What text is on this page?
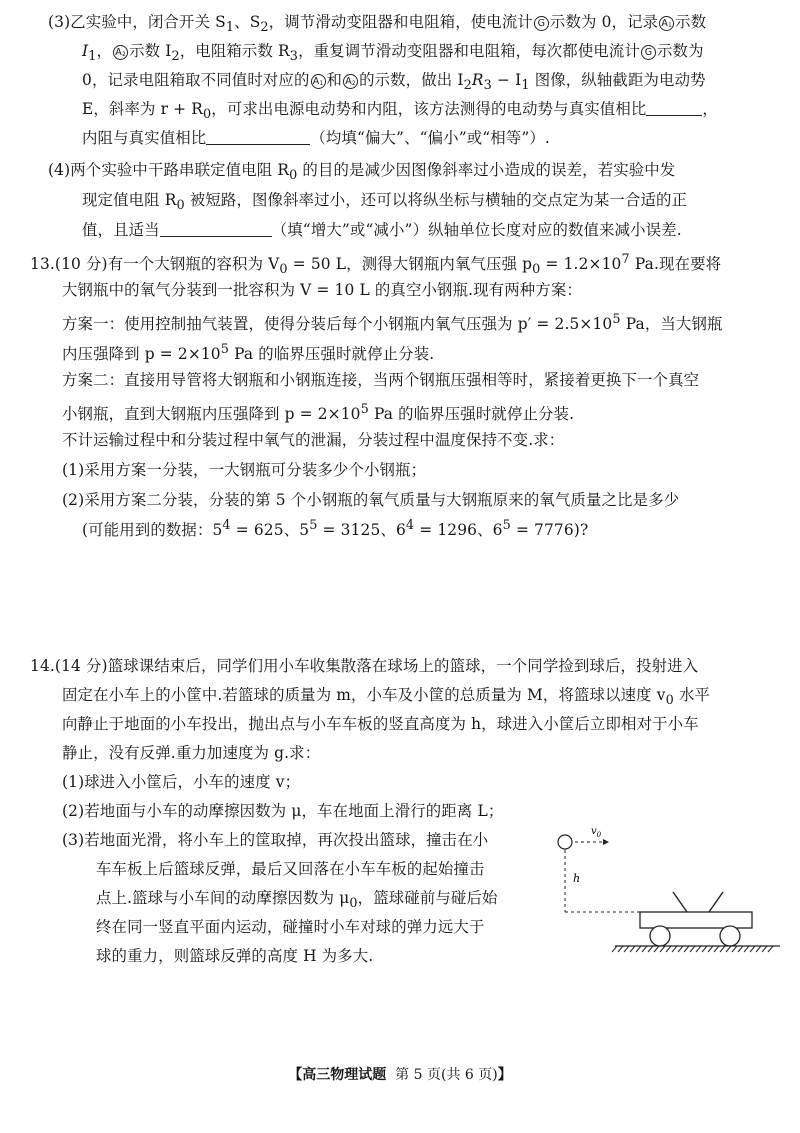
(3)乙实验中，闭合开关 $S_1$、$S_2$，调节滑动变阻器和电阻箱，使电流计 G 示数为 0，记录 $A_1$ 示数
$I_1$， $A_2$ 示数 $I_2$，电阻箱示数 $R_3$，重复调节滑动变阻器和电阻箱，每次都使电流计 G 示数为
0，记录电阻箱取不同值时对应的 $A_1$ 和 $A_2$ 的示数，做出 $I_2R_3 - I_1$ 图像，纵轴截距为电动势
E，斜率为 $r + R_0$，可求出电源电动势和内阻，该方法测得的电动势与真实值相比	，
内阻与真实值相比	（均填“偏大”、“偏小”或“相等”）.
(4)两个实验中干路串联定值电阻 $R_0$ 的目的是减少因图像斜率过小造成的误差，若实验中发
现定值电阻 $R_0$ 被短路，图像斜率过小，还可以将纵坐标与横轴的交点定为某一合适的正
值，且适当	（填“增大”或“减小”）纵轴单位长度对应的数值来减小误差.
13.(10 分)有一个大钢瓶的容积为 $V_0 = 50$ L，测得大钢瓶内氧气压强 $p_0 = 1.2\times 10^7$ Pa.现在要将
大钢瓶中的氧气分装到一批容积为 V = 10 L 的真空小钢瓶.现有两种方案：
方案一：使用控制抽气装置，使得分装后每个小钢瓶内氧气压强为 $p' = 2.5\times 10^5$ Pa，当大钢瓶
内压强降到 $p = 2\times 10^5$ Pa 的临界压强时就停止分装.
方案二：直接用导管将大钢瓶和小钢瓶连接，当两个钢瓶压强相等时，紧接着更换下一个真空
小钢瓶，直到大钢瓶内压强降到 $p = 2\times 10^5$ Pa 的临界压强时就停止分装.
不计运输过程中和分装过程中氧气的泄漏，分装过程中温度保持不变.求：
(1)采用方案一分装，一大钢瓶可分装多少个小钢瓶；
(2)采用方案二分装，分装的第 5 个小钢瓶的氧气质量与大钢瓶原来的氧气质量之比是多少
(可能用到的数据：$5^4 = 625$、$5^5 = 3125$、$6^4 = 1296$、$6^5 = 7776$)?
14.(14 分)篮球课结束后，同学们用小车收集散落在球场上的篮球，一个同学捡到球后，投射进入
固定在小车上的小筐中.若篮球的质量为 m，小车及小筐的总质量为 M，将篮球以速度 $v_0$ 水平
向静止于地面的小车投出，抛出点与小车车板的竖直高度为 h，球进入小筐后立即相对于小车
静止，没有反弹.重力加速度为 g.求：
(1)球进入小筐后，小车的速度 v；
(2)若地面与小车的动摩擦因数为 μ，车在地面上滑行的距离 L；
(3)若地面光滑，将小车上的筐取掉，再次投出篮球，撞击在小
车车板上后篮球反弹，最后又回落在小车车板的起始撞击
点上.篮球与小车间的动摩擦因数为 $\mu_0$，篮球碰前与碰后始
终在同一竖直平面内运动，碰撞时小车对球的弹力远大于
球的重力，则篮球反弹的高度 H 为多大.
$v_0$
h
【高三物理试题 第 5 页(共 6 页)】
